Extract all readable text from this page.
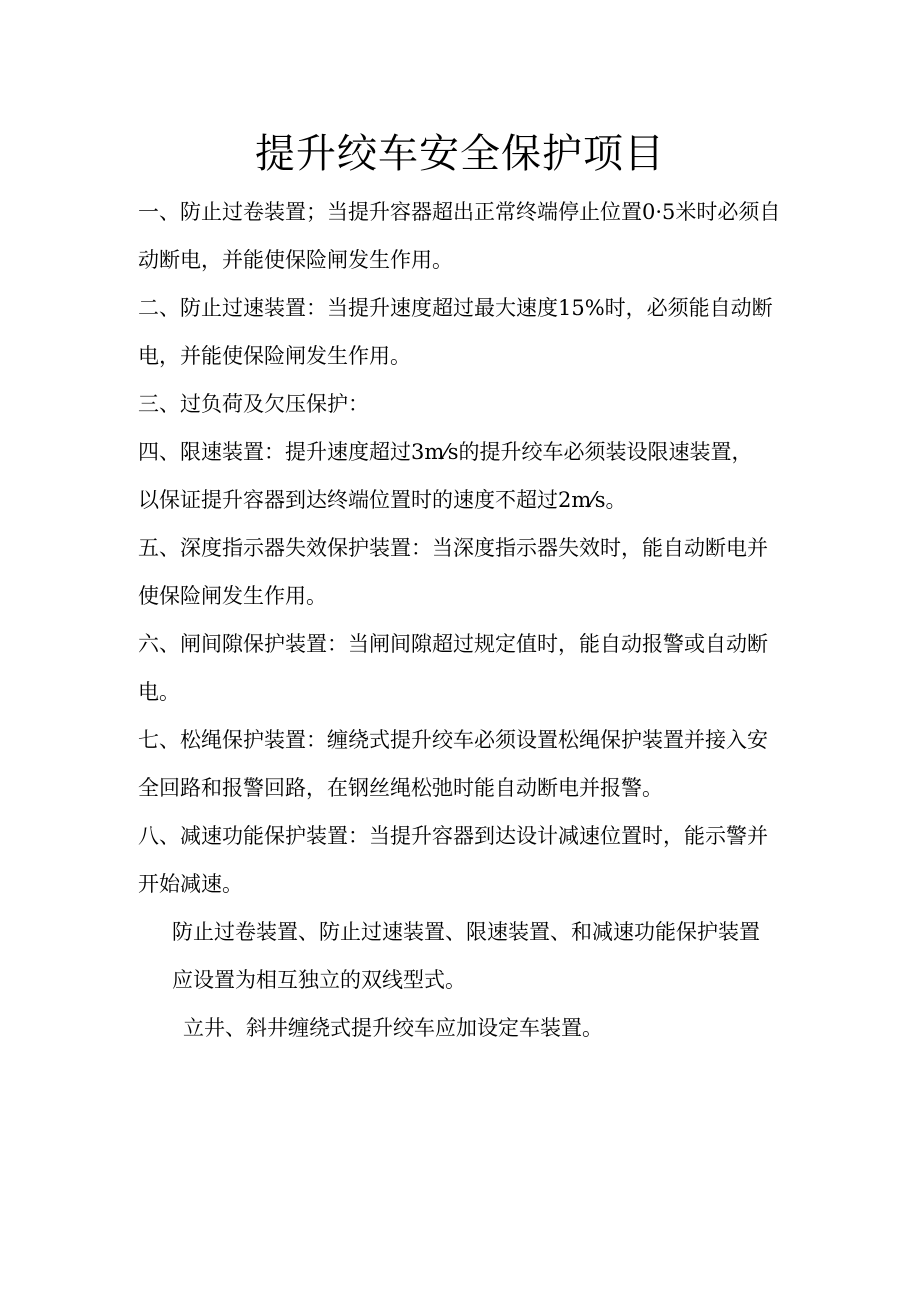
提升绞车安全保护项目

一、防止过卷装置；当提升容器超出正常终端停止位置0·5米时必须自
动断电，并能使保险闸发生作用。

二、防止过速装置：当提升速度超过最大速度15%时，必须能自动断
电，并能使保险闸发生作用。

三、过负荷及欠压保护：

四、限速装置：提升速度超过3m⁄s的提升绞车必须装设限速装置，
以保证提升容器到达终端位置时的速度不超过2m⁄s。

五、深度指示器失效保护装置：当深度指示器失效时，能自动断电并
使保险闸发生作用。

六、闸间隙保护装置：当闸间隙超过规定值时，能自动报警或自动断
电。

七、松绳保护装置：缠绕式提升绞车必须设置松绳保护装置并接入安
全回路和报警回路，在钢丝绳松弛时能自动断电并报警。

八、减速功能保护装置：当提升容器到达设计减速位置时，能示警并
开始减速。

防止过卷装置、防止过速装置、限速装置、和减速功能保护装置
应设置为相互独立的双线型式。

立井、斜井缠绕式提升绞车应加设定车装置。
